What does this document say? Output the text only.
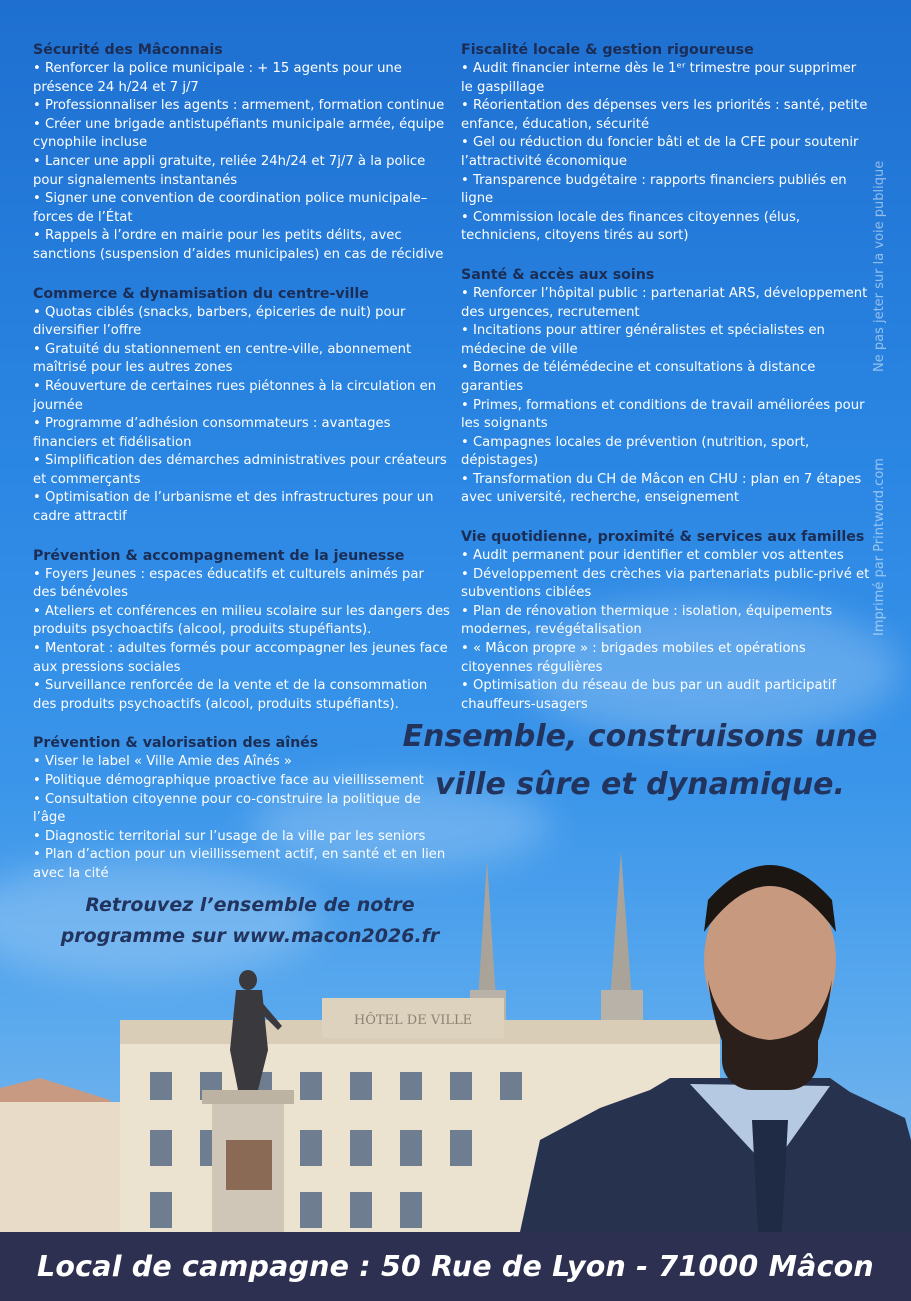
Sécurité des Mâconnais
• Renforcer la police municipale : + 15 agents pour une présence 24 h/24 et 7 j/7
• Professionnaliser les agents : armement, formation continue
• Créer une brigade antistupéfiants municipale armée, équipe cynophile incluse
• Lancer une appli gratuite, reliée 24h/24 et 7j/7 à la police pour signalements instantanés
• Signer une convention de coordination police municipale–forces de l’État
• Rappels à l’ordre en mairie pour les petits délits, avec sanctions (suspension d’aides municipales) en cas de récidive
Commerce & dynamisation du centre-ville
• Quotas ciblés (snacks, barbers, épiceries de nuit) pour diversifier l’offre
• Gratuité du stationnement en centre-ville, abonnement maîtrisé pour les autres zones
• Réouverture de certaines rues piétonnes à la circulation en journée
• Programme d’adhésion consommateurs : avantages financiers et fidélisation
• Simplification des démarches administratives pour créateurs et commerçants
• Optimisation de l’urbanisme et des infrastructures pour un cadre attractif
Prévention & accompagnement de la jeunesse
• Foyers Jeunes : espaces éducatifs et culturels animés par des bénévoles
• Ateliers et conférences en milieu scolaire sur les dangers des produits psychoactifs (alcool, produits stupéfiants).
• Mentorat : adultes formés pour accompagner les jeunes face aux pressions sociales
• Surveillance renforcée de la vente et de la consommation des produits psychoactifs (alcool, produits stupéfiants).
Prévention & valorisation des aînés
• Viser le label « Ville Amie des Aînés »
• Politique démographique proactive face au vieillissement
• Consultation citoyenne pour co-construire la politique de l’âge
• Diagnostic territorial sur l’usage de la ville par les seniors
• Plan d’action pour un vieillissement actif, en santé et en lien avec la cité
Fiscalité locale & gestion rigoureuse
• Audit financier interne dès le 1ᵉʳ trimestre pour supprimer le gaspillage
• Réorientation des dépenses vers les priorités : santé, petite enfance, éducation, sécurité
• Gel ou réduction du foncier bâti et de la CFE pour soutenir l’attractivité économique
• Transparence budgétaire : rapports financiers publiés en ligne
• Commission locale des finances citoyennes (élus, techniciens, citoyens tirés au sort)
Santé & accès aux soins
• Renforcer l’hôpital public : partenariat ARS, développement des urgences, recrutement
• Incitations pour attirer généralistes et spécialistes en médecine de ville
• Bornes de télémédecine et consultations à distance garanties
• Primes, formations et conditions de travail améliorées pour les soignants
• Campagnes locales de prévention (nutrition, sport, dépistages)
• Transformation du CH de Mâcon en CHU : plan en 7 étapes avec université, recherche, enseignement
Vie quotidienne, proximité & services aux familles
• Audit permanent pour identifier et combler vos attentes
• Développement des crèches via partenariats public-privé et subventions ciblées
• Plan de rénovation thermique : isolation, équipements modernes, revégétalisation
• « Mâcon propre » : brigades mobiles et opérations citoyennes régulières
• Optimisation du réseau de bus par un audit participatif chauffeurs-usagers
Ne pas jeter sur la voie publique
Imprimé par Printword.com
Ensemble, construisons une
ville sûre et dynamique.
Retrouvez l’ensemble de notre
programme sur www.macon2026.fr
HÔTEL DE VILLE
Local de campagne : 50 Rue de Lyon - 71000 Mâcon
